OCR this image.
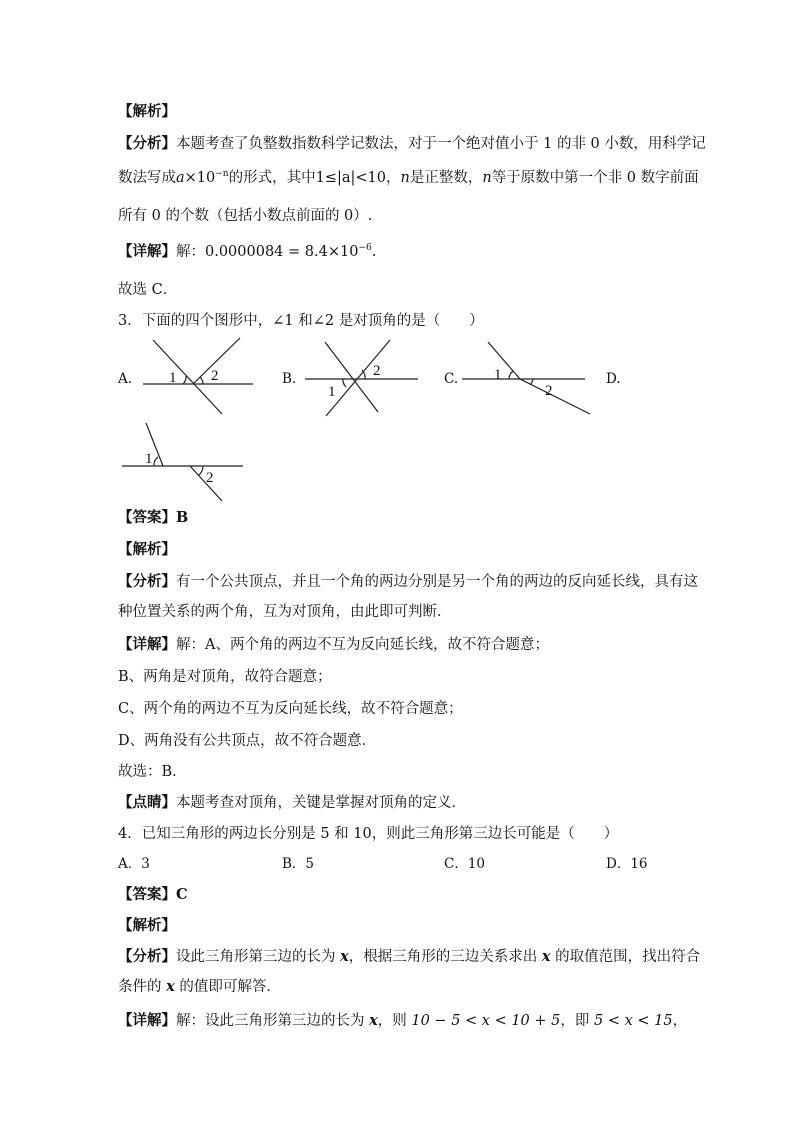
【解析】
【分析】本题考查了负整数指数科学记数法，对于一个绝对值小于 1 的非 0 小数，用科学记
数法写成$a\times 10^{-n}$的形式，其中1≤|a|<10，n是正整数，n等于原数中第一个非 0 数字前面
所有 0 的个数（包括小数点前面的 0）.
【详解】解：$0.0000084 = 8.4\times 10^{-6}$.
故选 C．
3．下面的四个图形中，∠1 和∠2 是对顶角的是（　　）
1 2	2
1
1
2
1
2
A.	B.	C.	D.
【答案】B
【解析】
【分析】有一个公共顶点，并且一个角的两边分别是另一个角的两边的反向延长线，具有这
种位置关系的两个角，互为对顶角，由此即可判断．
【详解】解：A、两个角的两边不互为反向延长线，故不符合题意；
B、两角是对顶角，故符合题意；
C、两个角的两边不互为反向延长线，故不符合题意；
D、两角没有公共顶点，故不符合题意．
故选：B．
【点睛】本题考查对顶角，关键是掌握对顶角的定义．
4．已知三角形的两边长分别是 5 和 10，则此三角形第三边长可能是（　　）
A．3	B．5	C．10	D．16
【答案】C
【解析】
【分析】设此三角形第三边的长为 x，根据三角形的三边关系求出 x 的取值范围，找出符合
条件的 x 的值即可解答．
【详解】解：设此三角形第三边的长为 x，则 10 − 5 < x < 10 + 5，即 5 < x < 15，
